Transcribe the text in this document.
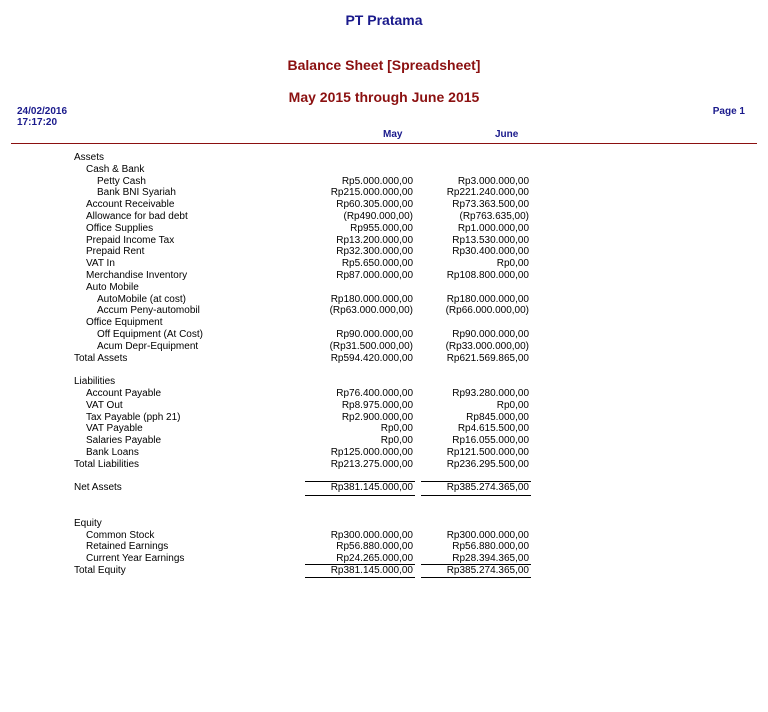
PT Pratama
Balance Sheet [Spreadsheet]
May 2015 through June 2015
24/02/2016
17:17:20
Page 1
May	June
Assets
Cash & Bank
Petty Cash	Rp5.000.000,00	Rp3.000.000,00
Bank BNI Syariah	Rp215.000.000,00	Rp221.240.000,00
Account Receivable	Rp60.305.000,00	Rp73.363.500,00
Allowance for bad debt	(Rp490.000,00)	(Rp763.635,00)
Office Supplies	Rp955.000,00	Rp1.000.000,00
Prepaid Income Tax	Rp13.200.000,00	Rp13.530.000,00
Prepaid Rent	Rp32.300.000,00	Rp30.400.000,00
VAT In	Rp5.650.000,00	Rp0,00
Merchandise Inventory	Rp87.000.000,00	Rp108.800.000,00
Auto Mobile
AutoMobile (at cost)	Rp180.000.000,00	Rp180.000.000,00
Accum Peny-automobil	(Rp63.000.000,00)	(Rp66.000.000,00)
Office Equipment
Off Equipment (At Cost)	Rp90.000.000,00	Rp90.000.000,00
Acum Depr-Equipment	(Rp31.500.000,00)	(Rp33.000.000,00)
Total Assets	Rp594.420.000,00	Rp621.569.865,00
Liabilities
Account Payable	Rp76.400.000,00	Rp93.280.000,00
VAT Out	Rp8.975.000,00	Rp0,00
Tax Payable (pph 21)	Rp2.900.000,00	Rp845.000,00
VAT Payable	Rp0,00	Rp4.615.500,00
Salaries Payable	Rp0,00	Rp16.055.000,00
Bank Loans	Rp125.000.000,00	Rp121.500.000,00
Total Liabilities	Rp213.275.000,00	Rp236.295.500,00
Net Assets	Rp381.145.000,00	Rp385.274.365,00
Equity
Common Stock	Rp300.000.000,00	Rp300.000.000,00
Retained Earnings	Rp56.880.000,00	Rp56.880.000,00
Current Year Earnings	Rp24.265.000,00	Rp28.394.365,00
Total Equity	Rp381.145.000,00	Rp385.274.365,00
